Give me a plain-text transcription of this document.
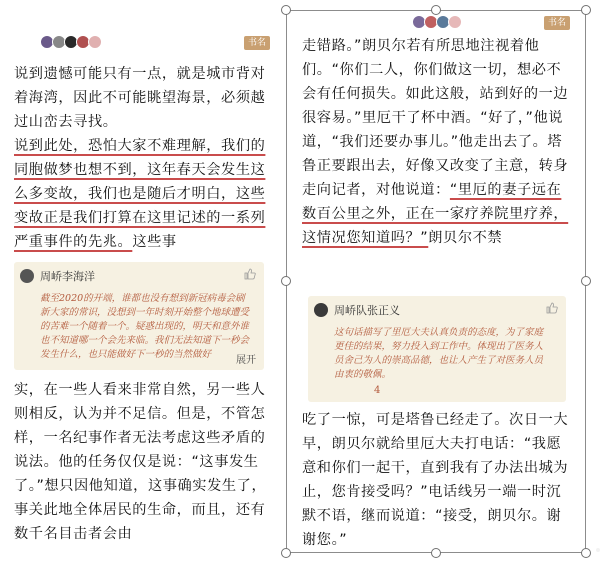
书名

说到遗憾可能只有一点，就是城市背对着海湾，因此不可能眺望海景，必须越过山峦去寻找。

说到此处，恐怕大家不难理解，我们的同胞做梦也想不到，这年春天会发生这么多变故，我们也是随后才明白，这些变故正是我们打算在这里记述的一系列严重事件的先兆。这些事

周峤李海洋
截至2020的开端，谁都也没有想到新冠病毒会刷新大家的常识，没想到一年时刻开始整个地球遭受的苦难一个随着一个。疑惑出现的，明天和意外谁也不知道哪一个会先来临。我们无法知道下一秒会发生什么，也只能做好下一秒的当然做好
展开

实，在一些人看来非常自然，另一些人则相反，认为并不足信。但是，不管怎样，一名纪事作者无法考虑这些矛盾的说法。他的任务仅仅是说：“这事发生了。”想只因他知道，这事确实发生了，事关此地全体居民的生命，而且，还有数千名目击者会由

书名

走错路。”朗贝尔若有所思地注视着他们。“你们二人，你们做这一切，想必不会有任何损失。如此这般，站到好的一边很容易。”里厄干了杯中酒。“好了，”他说道，“我们还要办事儿。”他走出去了。塔鲁正要跟出去，好像又改变了主意，转身走向记者，对他说道：“里厄的妻子远在数百公里之外，正在一家疗养院里疗养，这情况您知道吗？”朗贝尔不禁

周峤队张正义
这句话描写了里厄大夫认真负责的态度，为了家庭更佳的结果，努力投入到工作中。体现出了医务人员舍己为人的崇高品德，也让人产生了对医务人员由衷的敬佩。
4

吃了一惊，可是塔鲁已经走了。次日一大早，朗贝尔就给里厄大夫打电话：“我愿意和你们一起干，直到我有了办法出城为止，您肯接受吗？”电话线另一端一时沉默不语，继而说道：“接受，朗贝尔。谢谢您。”
